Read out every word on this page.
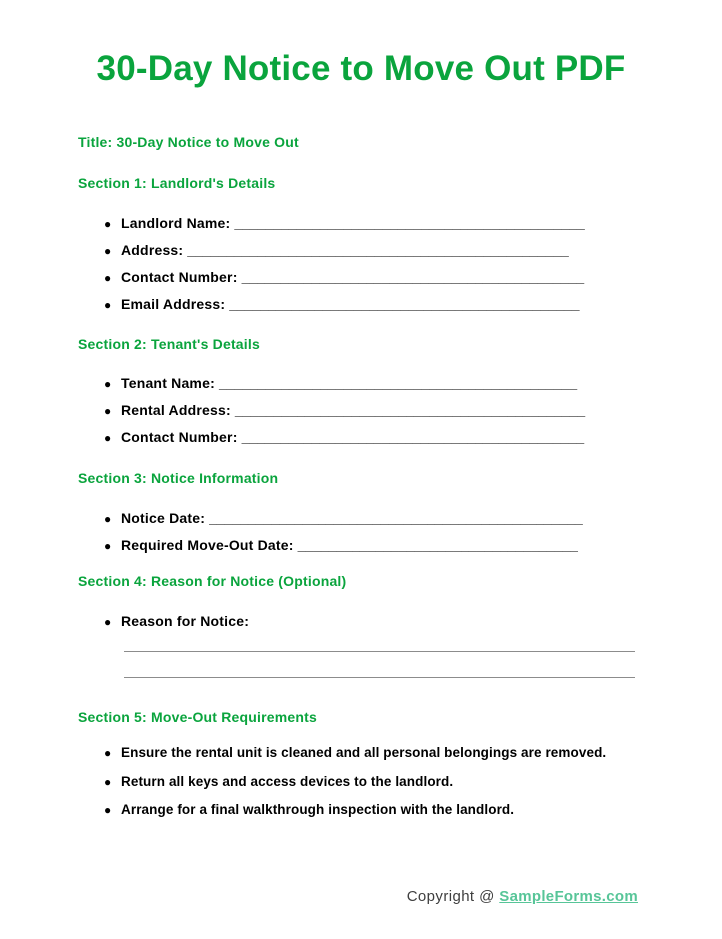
30-Day Notice to Move Out PDF
Title: 30-Day Notice to Move Out
Section 1: Landlord's Details
● Landlord Name: _____________________________________________
● Address: _________________________________________________
● Contact Number: ____________________________________________
● Email Address: _____________________________________________
Section 2: Tenant's Details
● Tenant Name: ______________________________________________
● Rental Address: _____________________________________________
● Contact Number: ____________________________________________
Section 3: Notice Information
● Notice Date: ________________________________________________
● Required Move-Out Date: ____________________________________
Section 4: Reason for Notice (Optional)
● Reason for Notice:
Section 5: Move-Out Requirements
● Ensure the rental unit is cleaned and all personal belongings are removed.
● Return all keys and access devices to the landlord.
● Arrange for a final walkthrough inspection with the landlord.
Copyright @ SampleForms.com
